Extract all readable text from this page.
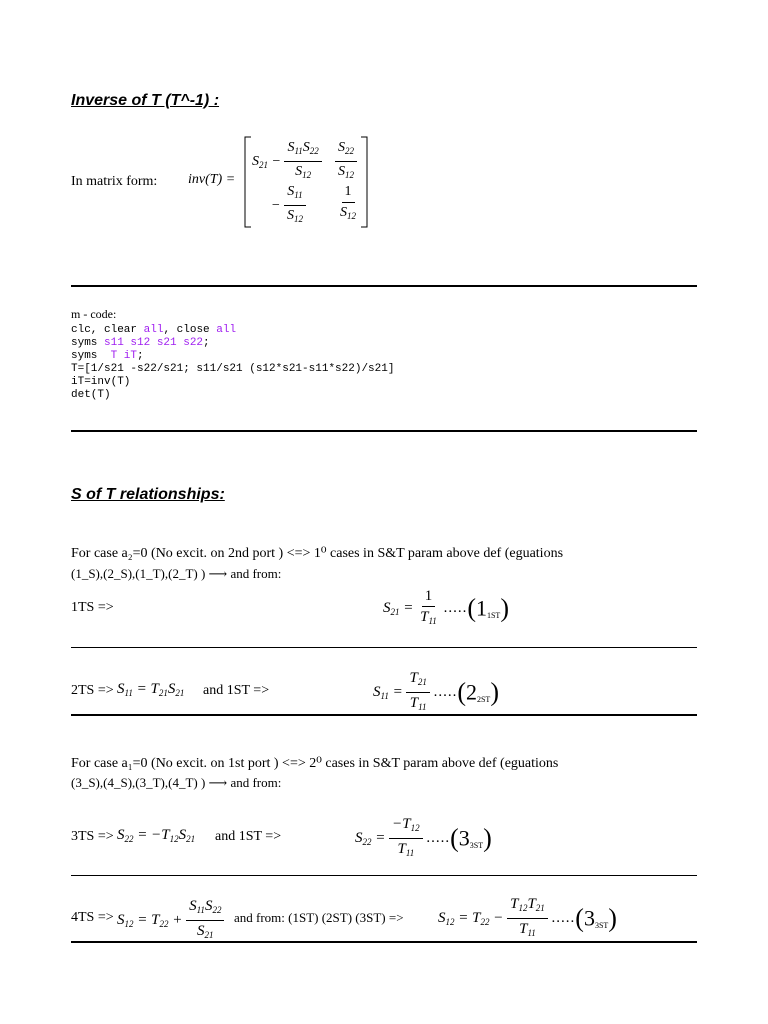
Inverse of T (T^-1) :
In matrix form: inv(T) =
$S_{21} - \frac{S_{11}S_{22}}{S_{12}} \frac{S_{22}}{S_{12}}$
− $\frac{S_{11}}{S_{12}} \frac{1}{S_{12}}$
m - code:
clc, clear all, close all
syms s11 s12 s21 s22;
syms  T iT;
T=[1/s21 -s22/s21; s11/s21 (s12*s21-s11*s22)/s21]
iT=inv(T)
det(T)
S of T relationships:
For case a₂=0 (No excit. on 2nd port ) <=> 1⁰ cases in S&T param above def (eguations
(1_S),(2_S),(1_T),(2_T) ) ⟶ and from:
1TS =>	$S_{21} = \frac{1}{T_{11}} .....(1_{1ST})$
$2TS => S_{11} = T_{21}S_{21}$ and 1ST =>	$S_{11} = \frac{T_{21}}{T_{11}} .....(2_{2ST})$
For case a₁=0 (No excit. on 1st port ) <=> 2⁰ cases in S&T param above def (eguations
(3_S),(4_S),(3_T),(4_T) ) ⟶ and from:
$3TS => S_{22} = -T_{12}S_{21}$ and 1ST =>	$S_{22} = \frac{-T_{12}}{T_{11}} .....(3_{3ST})$
$4TS => S_{12} = T_{22} + \frac{S_{11}S_{22}}{S_{21}}$ and from: (1ST) (2ST) $(3ST) => S_{12} = T_{22} - \frac{T_{12}T_{21}}{T_{11}} .....(3_{3ST})$
